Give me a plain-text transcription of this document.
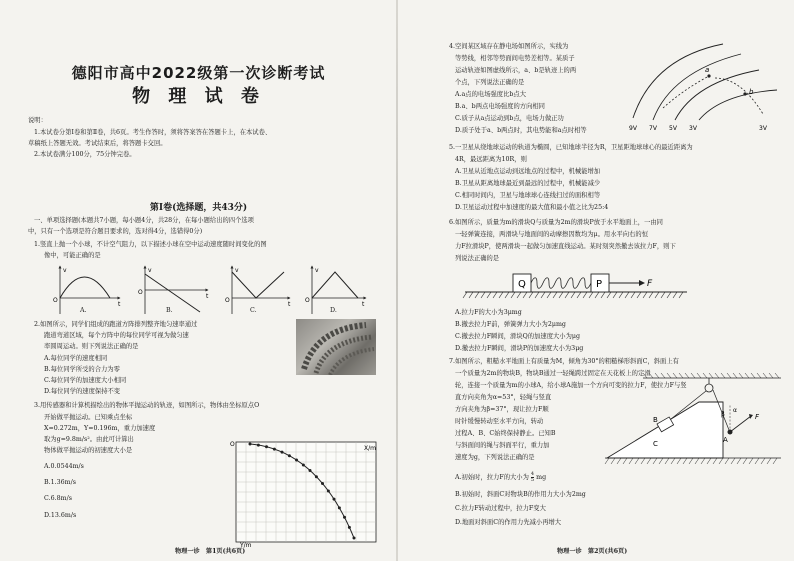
德阳市高中2022级第一次诊断考试
物 理 试 卷
说明：
1.本试卷分第Ⅰ卷和第Ⅱ卷，共6页。考生作答时，须将答案答在答题卡上，在本试卷、
草稿纸上答题无效。考试结束后，将答题卡交回。
2.本试卷满分100分，75分钟完卷。
第Ⅰ卷(选择题，共43分)
一、单项选择题(本题共7小题，每小题4分，共28分，在每小题给出的四个选项
中，只有一个选项是符合题目要求的，选对得4分，选错得0分)
1.竖直上抛一个小球，不计空气阻力，以下描述小球在空中运动速度随时间变化的图
像中，可能正确的是
v
t
O
v
t
O
v
t
O
v
t
O
A.	B.	C.	D.
2.如图所示，同学们组成的跑道方阵排列整齐地匀速率通过
跑道弯道区域，每个方阵中的每位同学可视为做匀速
率圆周运动。则下列说法正确的是
A.每位同学的速度相同
B.每位同学所受的合力为零
C.每位同学的加速度大小相同
D.每位同学的速度保持不变
3.用传感器和计算机描绘出的物体平抛运动的轨迹，如图所示，物体由坐标原点O
开始做平抛运动。已知乘点坐标
X=0.272m，Y=0.196m，重力加速度
取为g=9.8m/s²。由此可计算出
物体做平抛运动的初速度大小是
A.0.0544m/s
B.1.36m/s
C.6.8m/s
D.13.6m/s
X/m
Y/m
O
物理一诊　第1页(共6页)
4.空间某区域存在静电场如图所示，实线为
等势线，相邻等势面间电势差相等。某质子
运动轨迹如图虚线所示，a、b是轨迹上的两
个点，下列说法正确的是
A.a点的电场强度比b点大
B.a、b两点电场强度的方向相同
C.质子从a点运动到b点，电场力做正功
D.质子处于a、b两点时，其电势能和a点时相等
a
b
9V 7V 5V 3V	3V
5.一卫星从绕地球运动的轨道为椭圆，已知地球半径为R，卫星距地球球心的最近距离为
4R，最远距离为10R，则
A.卫星从近地点运动到远地点的过程中，机械能增加
B.卫星从距离地球最近到最远的过程中，机械能减少
C.相同时间内，卫星与地球球心连线扫过的面积相等
D.卫星运动过程中加速度的最大值和最小值之比为25:4
6.如图所示，质量为m的滑块Q与质量为2m的滑块P放于水平地面上，一由同
一轻弹簧连接，两滑块与地面间的动摩擦因数均为μ。用水平向右的恒
力F拉滑块P，使两滑块一起做匀加速直线运动。某时刻突然撤去该拉力F，则下
列说法正确的是
Q	P	F
A.拉力F的大小为3μmg
B.撤去拉力F前，弹簧弹力大小为2μmg
C.撤去拉力F瞬间，滑块Q的加速度大小为μg
D.撤去拉力F瞬间，滑块P的加速度大小为3μg
7.如图所示，粗糙水平地面上有质量为M，倾角为30°的粗糙梯形斜面C，斜面上有
一个质量为2m的物块B，物块B通过一轻绳跨过固定在天花板上的定滑
轮，连接一个质量为m的小球A，给小球A施加一个方向可变的拉力F，使拉力F与竖
直方向夹角为α=53°，轻绳与竖直
方向夹角为β=37°，现让拉力F顺
时针缓慢转动至水平方向，转动
过程A、B、C始终保持静止。已知B
与斜面间的绳与斜面平行，重力加
速度为g，下列说法正确的是
A.初始时，拉力F的大小为 $\frac{4}{5}$ mg
B.初始时，斜面C对物块B的作用力大小为2mg
C.拉力F转动过程中，拉力F变大
D.地面对斜面C的作用力先减小再增大
C
B
A
F
α
β
物理一诊　第2页(共6页)
